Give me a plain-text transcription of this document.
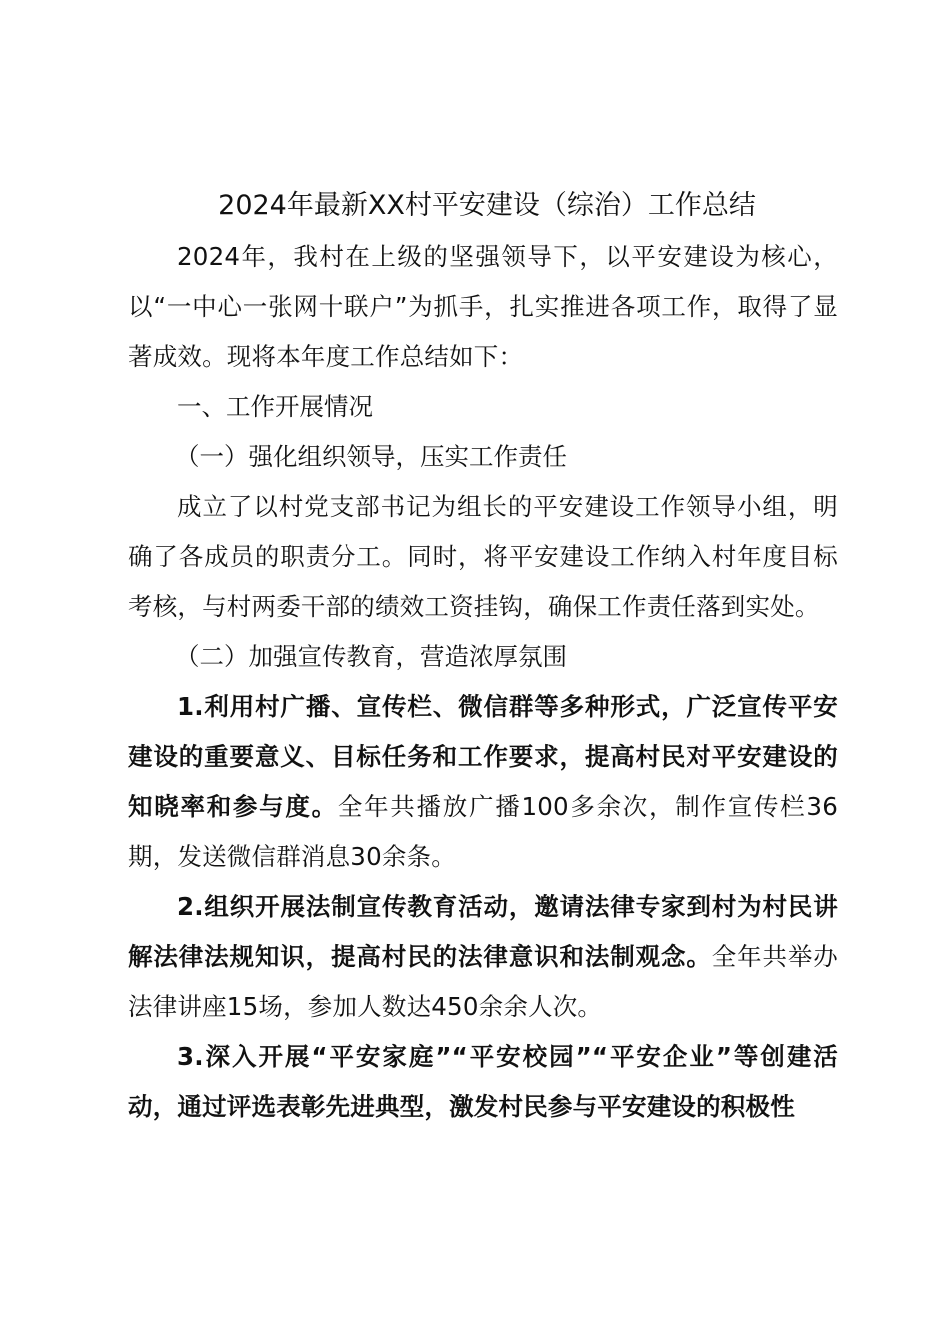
2024年最新XX村平安建设（综治）工作总结

2024年，我村在上级的坚强领导下，以平安建设为核心，以“一中心一张网十联户”为抓手，扎实推进各项工作，取得了显著成效。现将本年度工作总结如下：

一、工作开展情况

（一）强化组织领导，压实工作责任

成立了以村党支部书记为组长的平安建设工作领导小组，明确了各成员的职责分工。同时，将平安建设工作纳入村年度目标考核，与村两委干部的绩效工资挂钩，确保工作责任落到实处。

（二）加强宣传教育，营造浓厚氛围

1.利用村广播、宣传栏、微信群等多种形式，广泛宣传平安建设的重要意义、目标任务和工作要求，提高村民对平安建设的知晓率和参与度。全年共播放广播100多余次，制作宣传栏36期，发送微信群消息30余条。

2.组织开展法制宣传教育活动，邀请法律专家到村为村民讲解法律法规知识，提高村民的法律意识和法制观念。全年共举办法律讲座15场，参加人数达450余余人次。

3.深入开展“平安家庭”“平安校园”“平安企业”等创建活动，通过评选表彰先进典型，激发村民参与平安建设的积极性
